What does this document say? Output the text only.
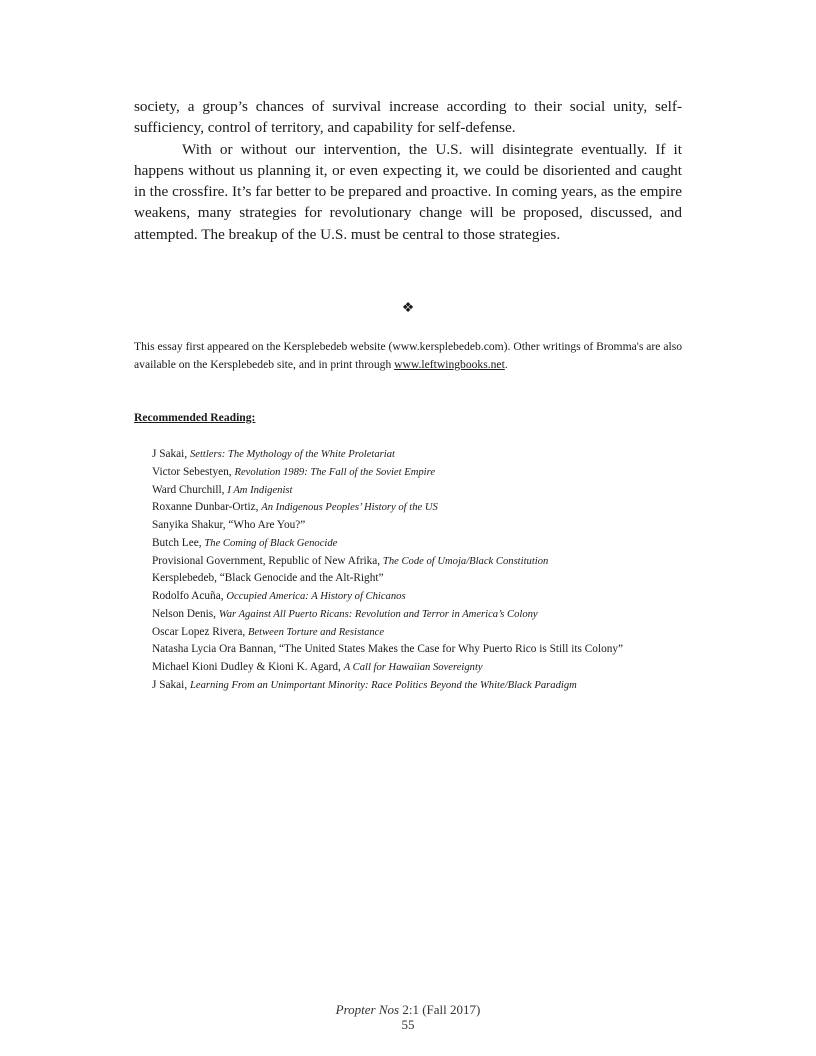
society, a group’s chances of survival increase according to their social unity, self-sufficiency, control of territory, and capability for self-defense.

With or without our intervention, the U.S. will disintegrate eventually. If it happens without us planning it, or even expecting it, we could be disoriented and caught in the crossfire. It’s far better to be prepared and proactive. In coming years, as the empire weakens, many strategies for revolutionary change will be proposed, discussed, and attempted. The breakup of the U.S. must be central to those strategies.

❖
This essay first appeared on the Kersplebedeb website (www.kersplebedeb.com). Other writings of Bromma's are also available on the Kersplebedeb site, and in print through www.leftwingbooks.net.
Recommended Reading:
J Sakai, Settlers: The Mythology of the White Proletariat
Victor Sebestyen, Revolution 1989: The Fall of the Soviet Empire
Ward Churchill, I Am Indigenist
Roxanne Dunbar-Ortiz, An Indigenous Peoples’ History of the US
Sanyika Shakur, “Who Are You?”
Butch Lee, The Coming of Black Genocide
Provisional Government, Republic of New Afrika, The Code of Umoja/Black Constitution
Kersplebedeb, “Black Genocide and the Alt-Right”
Rodolfo Acuña, Occupied America: A History of Chicanos
Nelson Denis, War Against All Puerto Ricans: Revolution and Terror in America’s Colony
Oscar Lopez Rivera, Between Torture and Resistance
Natasha Lycia Ora Bannan, “The United States Makes the Case for Why Puerto Rico is Still its Colony”
Michael Kioni Dudley & Kioni K. Agard, A Call for Hawaiian Sovereignty
J Sakai, Learning From an Unimportant Minority: Race Politics Beyond the White/Black Paradigm
Propter Nos 2:1 (Fall 2017)
55
